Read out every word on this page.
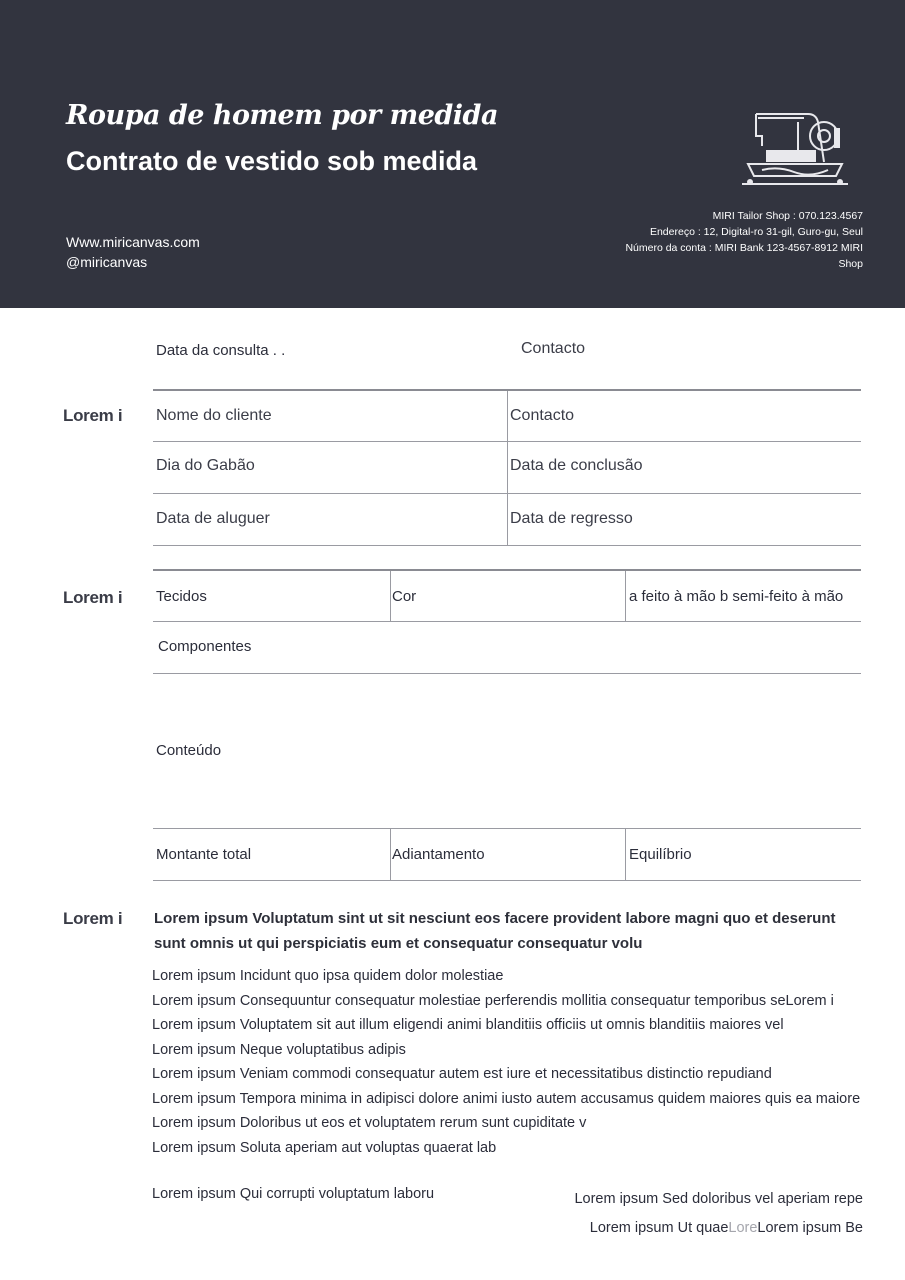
Roupa de homem por medida
Contrato de vestido sob medida
Www.miricanvas.com
@miricanvas
MIRI Tailor Shop : 070.123.4567
Endereço : 12, Digital-ro 31-gil, Guro-gu, Seul
Número da conta : MIRI Bank 123-4567-8912 MIRI
Shop
Data da consulta . .	Contacto
Lorem i Nome do cliente	Contacto
Dia do Gabão	Data de conclusão
Data de aluguer	Data de regresso
Lorem i Tecidos	Cor	a feito à mão b semi-feito à mão
Componentes
Conteúdo
Montante total	Adiantamento	Equilíbrio
Lorem i Lorem ipsum Voluptatum sint ut sit nesciunt eos facere provident labore magni quo et deserunt sunt omnis ut qui perspiciatis eum et consequatur consequatur volu
Lorem ipsum Incidunt quo ipsa quidem dolor molestiae
Lorem ipsum Consequuntur consequatur molestiae perferendis mollitia consequatur temporibus seLorem i
Lorem ipsum Voluptatem sit aut illum eligendi animi blanditiis officiis ut omnis blanditiis maiores vel
Lorem ipsum Neque voluptatibus adipis
Lorem ipsum Veniam commodi consequatur autem est iure et necessitatibus distinctio repudiand
Lorem ipsum Tempora minima in adipisci dolore animi iusto autem accusamus quidem maiores quis ea maiore
Lorem ipsum Doloribus ut eos et voluptatem rerum sunt cupiditate v
Lorem ipsum Soluta aperiam aut voluptas quaerat lab
Lorem ipsum Qui corrupti voluptatum laboru	Lorem ipsum Sed doloribus vel aperiam repe
Lorem ipsum Ut quaeLoreLorem ipsum Be
